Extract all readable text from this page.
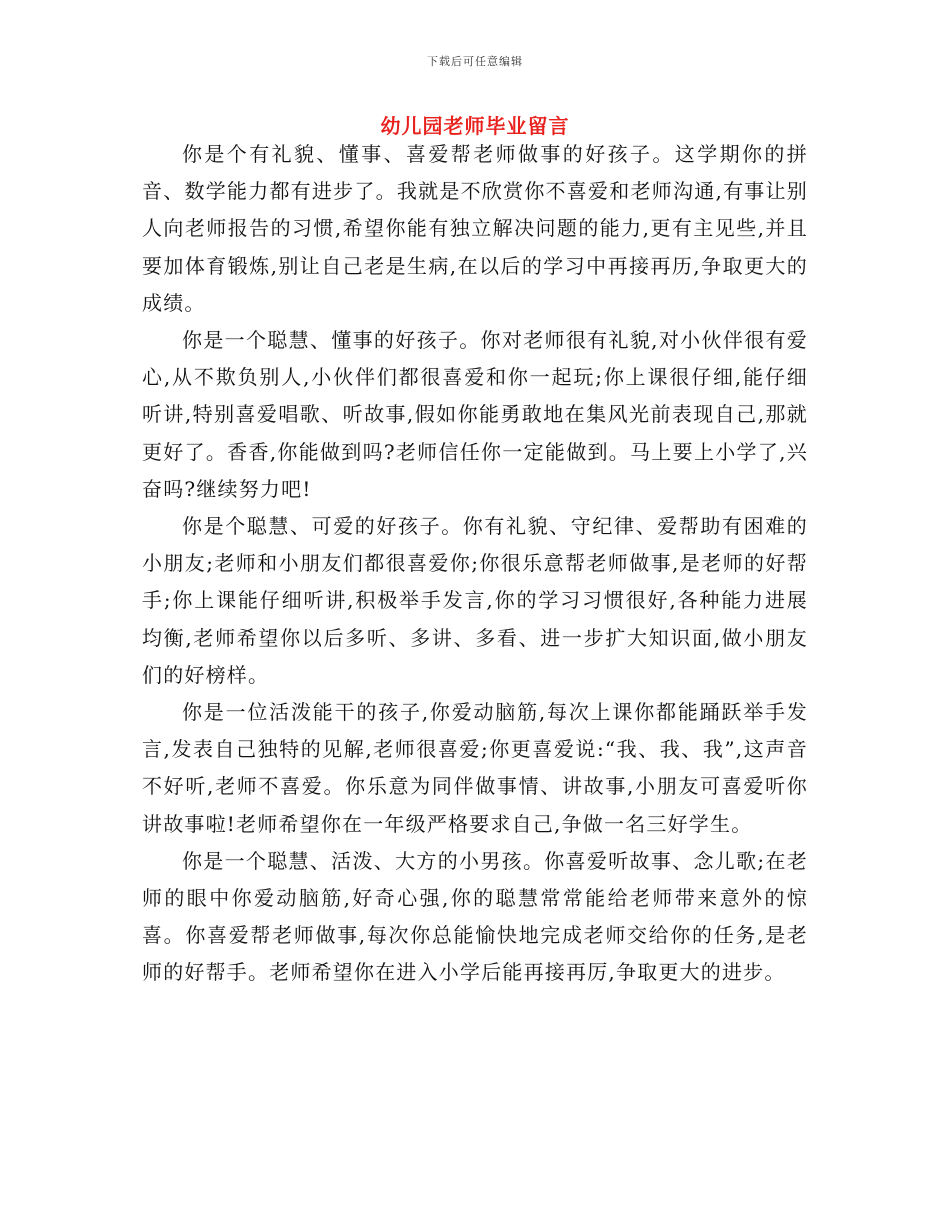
下载后可任意编辑
幼儿园老师毕业留言

你是个有礼貌、懂事、喜爱帮老师做事的好孩子。这学期你的拼音、数学能力都有进步了。我就是不欣赏你不喜爱和老师沟通,有事让别人向老师报告的习惯,希望你能有独立解决问题的能力,更有主见些,并且要加体育锻炼,别让自己老是生病,在以后的学习中再接再历,争取更大的成绩。

你是一个聪慧、懂事的好孩子。你对老师很有礼貌,对小伙伴很有爱心,从不欺负别人,小伙伴们都很喜爱和你一起玩;你上课很仔细,能仔细听讲,特别喜爱唱歌、听故事,假如你能勇敢地在集风光前表现自己,那就更好了。香香,你能做到吗?老师信任你一定能做到。马上要上小学了,兴奋吗?继续努力吧!

你是个聪慧、可爱的好孩子。你有礼貌、守纪律、爱帮助有困难的小朋友;老师和小朋友们都很喜爱你;你很乐意帮老师做事,是老师的好帮手;你上课能仔细听讲,积极举手发言,你的学习习惯很好,各种能力进展均衡,老师希望你以后多听、多讲、多看、进一步扩大知识面,做小朋友们的好榜样。

你是一位活泼能干的孩子,你爱动脑筋,每次上课你都能踊跃举手发言,发表自己独特的见解,老师很喜爱;你更喜爱说:“我、我、我”,这声音不好听,老师不喜爱。你乐意为同伴做事情、讲故事,小朋友可喜爱听你讲故事啦!老师希望你在一年级严格要求自己,争做一名三好学生。

你是一个聪慧、活泼、大方的小男孩。你喜爱听故事、念儿歌;在老师的眼中你爱动脑筋,好奇心强,你的聪慧常常能给老师带来意外的惊喜。你喜爱帮老师做事,每次你总能愉快地完成老师交给你的任务,是老师的好帮手。老师希望你在进入小学后能再接再厉,争取更大的进步。
